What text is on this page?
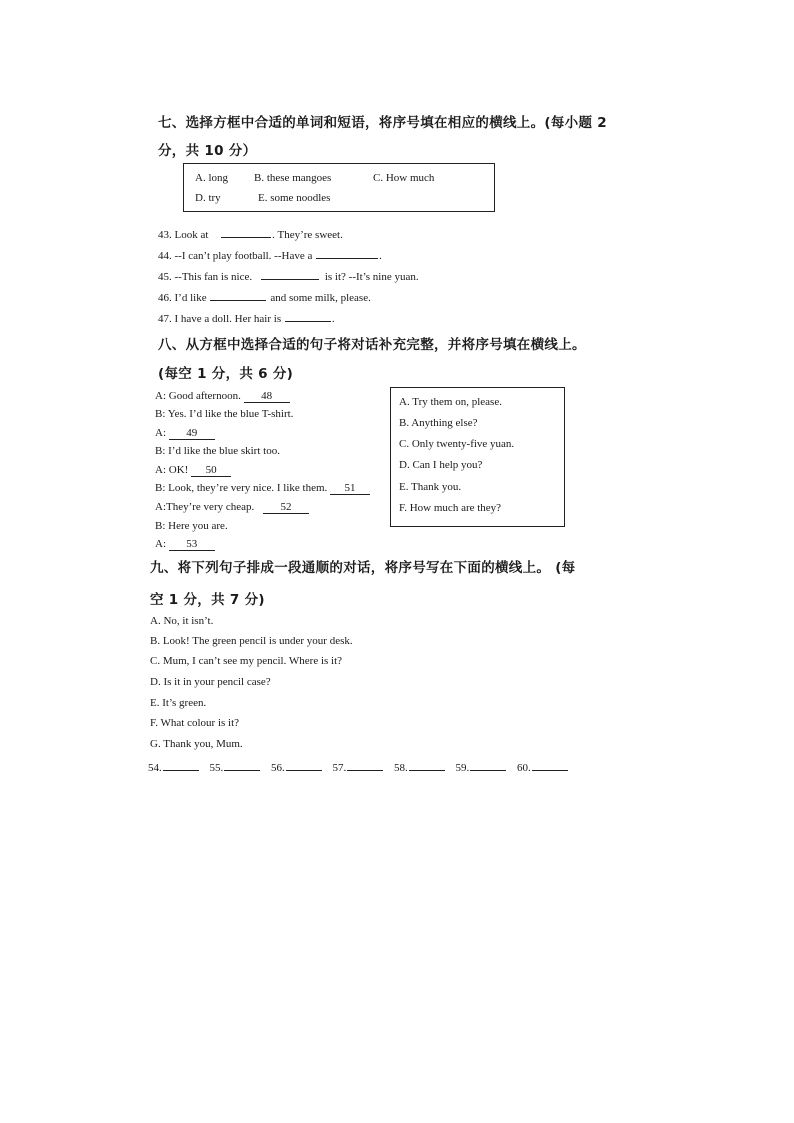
七、选择方框中合适的单词和短语，将序号填在相应的横线上。(每小题 2
分，共 10 分）
A. long B. these mangoes	C. How much
D. try	E. some noodles
43. Look at	. They’re sweet.
44. --I can’t play football. --Have a	.
45. --This fan is nice.	is it? --It’s nine yuan.
46. I’d like	and some milk, please.
47. I have a doll. Her hair is	.
八、从方框中选择合适的句子将对话补充完整，并将序号填在横线上。
(每空 1 分，共 6 分)
A: Good afternoon. 48
B: Yes. I’d like the blue T-shirt.
A: 49
B: I’d like the blue skirt too.
A: OK! 50
B: Look, they’re very nice. I like them. 51
A:They’re very cheap. 52
B: Here you are.
A: 53
A. Try them on, please.
B. Anything else?
C. Only twenty-five yuan.
D. Can I help you?
E. Thank you.
F. How much are they?
九、将下列句子排成一段通顺的对话，将序号写在下面的横线上。 (每
空 1 分，共 7 分)
A. No, it isn’t.
B. Look! The green pencil is under your desk.
C. Mum, I can’t see my pencil. Where is it?
D. Is it in your pencil case?
E. It’s green.
F. What colour is it?
G. Thank you, Mum.
54.	55.	56.	57.	58.	59.	60.
